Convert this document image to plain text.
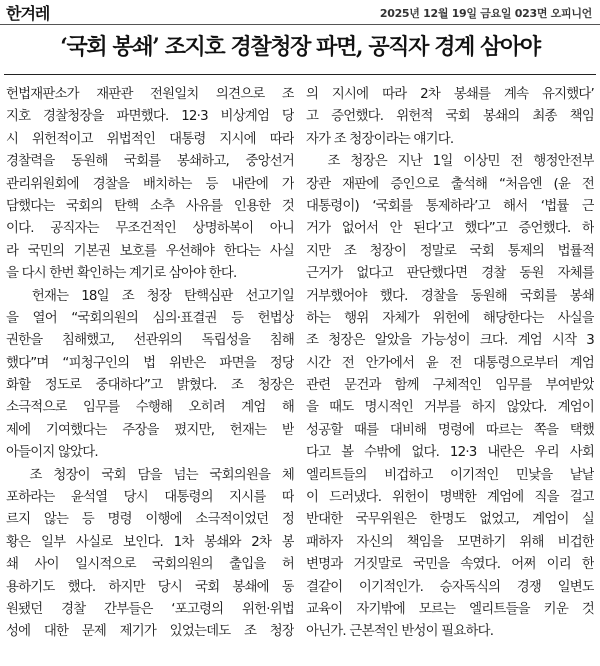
한겨레	2025년 12월 19일 금요일 023면 오피니언
‘국회 봉쇄’ 조지호 경찰청장 파면, 공직자 경계 삼아야
헌법재판소가 재판관 전원일치 의견으로 조
지호 경찰청장을 파면했다. 12·3 비상계엄 당
시 위헌적이고 위법적인 대통령 지시에 따라
경찰력을 동원해 국회를 봉쇄하고, 중앙선거
관리위원회에 경찰을 배치하는 등 내란에 가
담했다는 국회의 탄핵 소추 사유를 인용한 것
이다. 공직자는 무조건적인 상명하복이 아니
라 국민의 기본권 보호를 우선해야 한다는 사실
을 다시 한번 확인하는 계기로 삼아야 한다.
헌재는 18일 조 청장 탄핵심판 선고기일
을 열어 “국회의원의 심의·표결권 등 헌법상
권한을 침해했고, 선관위의 독립성을 침해
했다”며 “피청구인의 법 위반은 파면을 정당
화할 정도로 중대하다”고 밝혔다. 조 청장은
소극적으로 임무를 수행해 오히려 계엄 해
제에 기여했다는 주장을 폈지만, 헌재는 받
아들이지 않았다.
조 청장이 국회 담을 넘는 국회의원을 체
포하라는 윤석열 당시 대통령의 지시를 따
르지 않는 등 명령 이행에 소극적이었던 정
황은 일부 사실로 보인다. 1차 봉쇄와 2차 봉
쇄 사이 일시적으로 국회의원의 출입을 허
용하기도 했다. 하지만 당시 국회 봉쇄에 동
원됐던 경찰 간부들은 ‘포고령의 위헌·위법
성에 대한 문제 제기가 있었는데도 조 청장
의 지시에 따라 2차 봉쇄를 계속 유지했다’
고 증언했다. 위헌적 국회 봉쇄의 최종 책임
자가 조 청장이라는 얘기다.
조 청장은 지난 1일 이상민 전 행정안전부
장관 재판에 증인으로 출석해 “처음엔 (윤 전
대통령이) ‘국회를 통제하라’고 해서 ‘법률 근
거가 없어서 안 된다’고 했다”고 증언했다. 하
지만 조 청장이 정말로 국회 통제의 법률적
근거가 없다고 판단했다면 경찰 동원 자체를
거부했어야 했다. 경찰을 동원해 국회를 봉쇄
하는 행위 자체가 위헌에 해당한다는 사실을
조 청장은 알았을 가능성이 크다. 계엄 시작 3
시간 전 안가에서 윤 전 대통령으로부터 계엄
관련 문건과 함께 구체적인 임무를 부여받았
을 때도 명시적인 거부를 하지 않았다. 계엄이
성공할 때를 대비해 명령에 따르는 쪽을 택했
다고 볼 수밖에 없다. 12·3 내란은 우리 사회
엘리트들의 비겁하고 이기적인 민낯을 낱낱
이 드러냈다. 위헌이 명백한 계엄에 직을 걸고
반대한 국무위원은 한명도 없었고, 계엄이 실
패하자 자신의 책임을 모면하기 위해 비겁한
변명과 거짓말로 국민을 속였다. 어쩌 이리 한
결같이 이기적인가. 승자독식의 경쟁 일변도
교육이 자기밖에 모르는 엘리트들을 키운 것
아닌가. 근본적인 반성이 필요하다.
